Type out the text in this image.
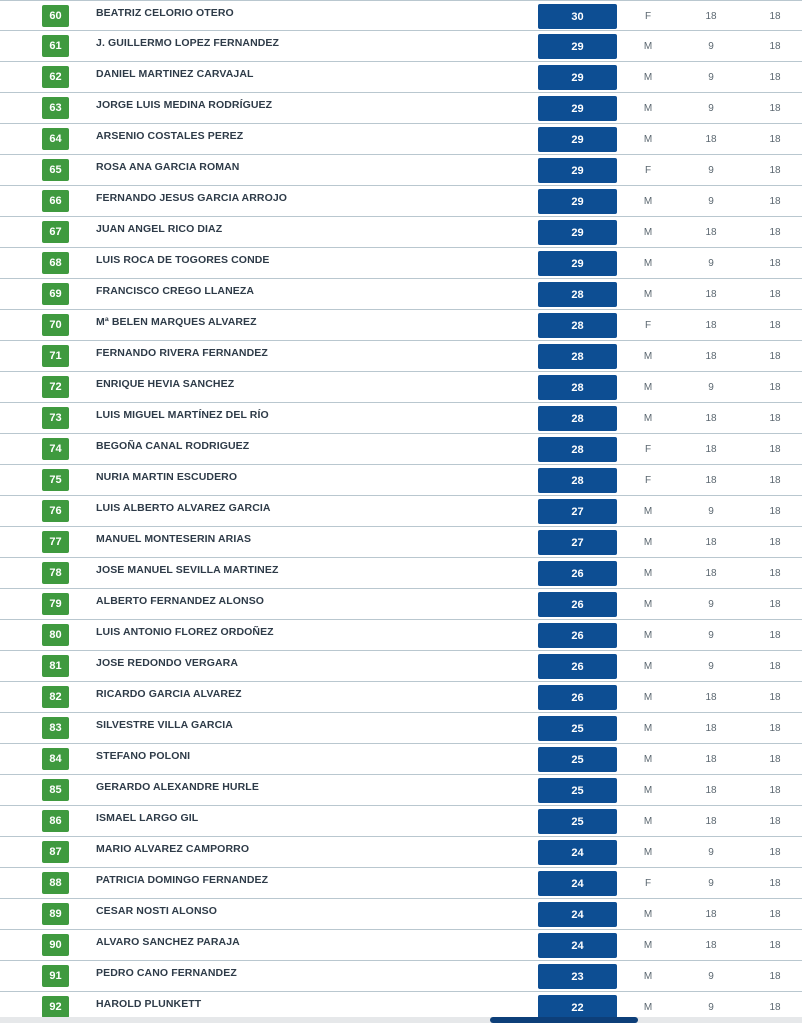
60	BEATRIZ CELORIO OTERO	30	F	18	18
61	J. GUILLERMO LOPEZ FERNANDEZ	29	M	9	18
62	DANIEL MARTINEZ CARVAJAL	29	M	9	18
63	JORGE LUIS MEDINA RODRÍGUEZ	29	M	9	18
64	ARSENIO COSTALES PEREZ	29	M	18	18
65	ROSA ANA GARCIA ROMAN	29	F	9	18
66	FERNANDO JESUS GARCIA ARROJO	29	M	9	18
67	JUAN ANGEL RICO DIAZ	29	M	18	18
68	LUIS ROCA DE TOGORES CONDE	29	M	9	18
69	FRANCISCO CREGO LLANEZA	28	M	18	18
70	Mª BELEN MARQUES ALVAREZ	28	F	18	18
71	FERNANDO RIVERA FERNANDEZ	28	M	18	18
72	ENRIQUE HEVIA SANCHEZ	28	M	9	18
73	LUIS MIGUEL MARTÍNEZ DEL RÍO	28	M	18	18
74	BEGOÑA CANAL RODRIGUEZ	28	F	18	18
75	NURIA MARTIN ESCUDERO	28	F	18	18
76	LUIS ALBERTO ALVAREZ GARCIA	27	M	9	18
77	MANUEL MONTESERIN ARIAS	27	M	18	18
78	JOSE MANUEL SEVILLA MARTINEZ	26	M	18	18
79	ALBERTO FERNANDEZ ALONSO	26	M	9	18
80	LUIS ANTONIO FLOREZ ORDOÑEZ	26	M	9	18
81	JOSE REDONDO VERGARA	26	M	9	18
82	RICARDO GARCIA ALVAREZ	26	M	18	18
83	SILVESTRE VILLA GARCIA	25	M	18	18
84	STEFANO POLONI	25	M	18	18
85	GERARDO ALEXANDRE HURLE	25	M	18	18
86	ISMAEL LARGO GIL	25	M	18	18
87	MARIO ALVAREZ CAMPORRO	24	M	9	18
88	PATRICIA DOMINGO FERNANDEZ	24	F	9	18
89	CESAR NOSTI ALONSO	24	M	18	18
90	ALVARO SANCHEZ PARAJA	24	M	18	18
91	PEDRO CANO FERNANDEZ	23	M	9	18
92	HAROLD PLUNKETT	22	M	9	18
